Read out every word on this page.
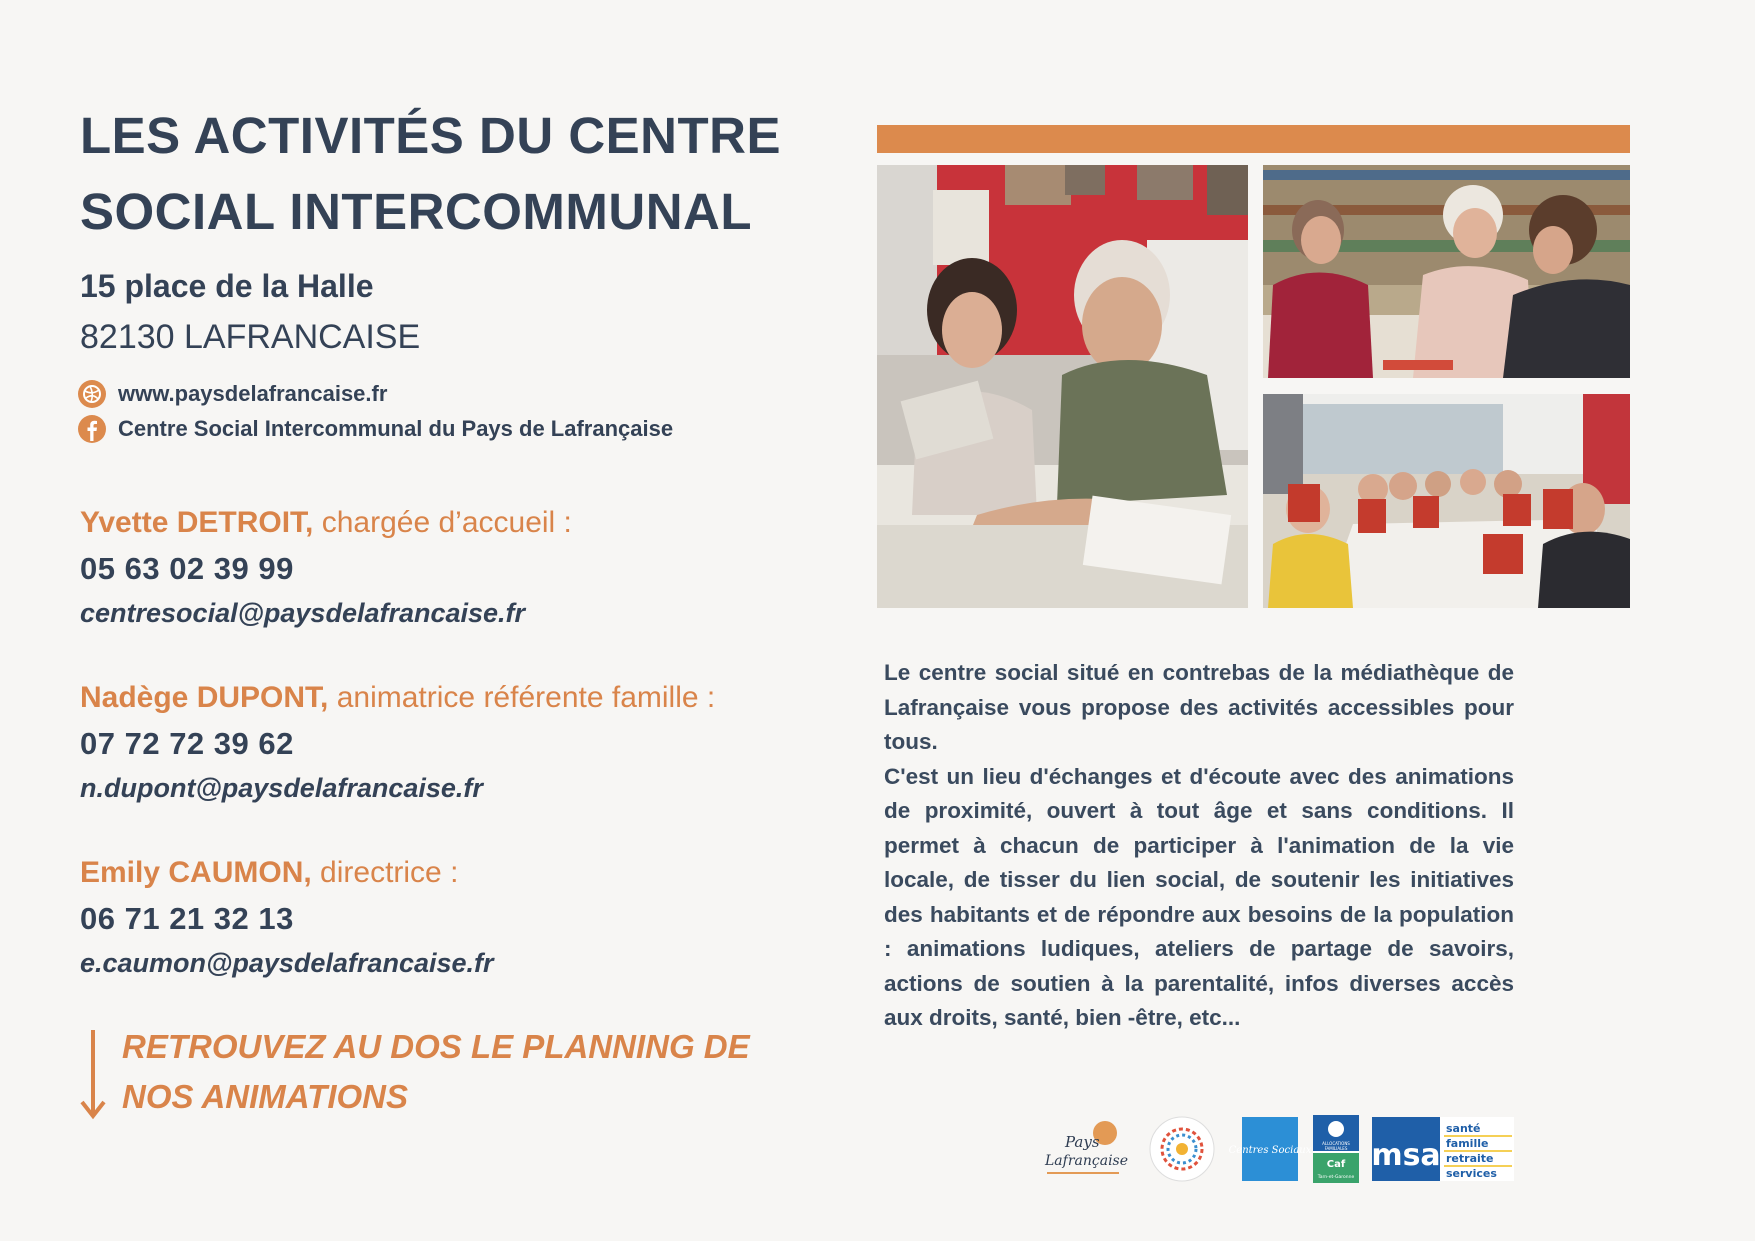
LES ACTIVITÉS DU CENTRE
SOCIAL INTERCOMMUNAL
15 place de la Halle
82130 LAFRANCAISE
www.paysdelafrancaise.fr
Centre Social Intercommunal du Pays de Lafrançaise
Yvette DETROIT, chargée d’accueil :
05 63 02 39 99
centresocial@paysdelafrancaise.fr
Nadège DUPONT, animatrice référente famille :
07 72 72 39 62
n.dupont@paysdelafrancaise.fr
Emily CAUMON, directrice :
06 71 21 32 13
e.caumon@paysdelafrancaise.fr
RETROUVEZ AU DOS LE PLANNING DE
NOS ANIMATIONS

Le centre social situé en contrebas de la médiathèque de Lafrançaise vous propose des activités accessibles pour tous.

C'est un lieu d'échanges et d'écoute avec des animations de proximité, ouvert à tout âge et sans conditions. Il permet à chacun de participer à l'animation de la vie locale, de tisser du lien social, de soutenir les initiatives des habitants et de répondre aux besoins de la population : animations ludiques, ateliers de partage de savoirs, actions de soutien à la parentalité, infos diverses accès aux droits, santé, bien -être, etc...

Pays
Lafrançaise
Centres Sociaux
ALLOCATIONS
FAMILIALES
Caf
Tarn-et-Garonne
msa
santé
famille
retraite
services
